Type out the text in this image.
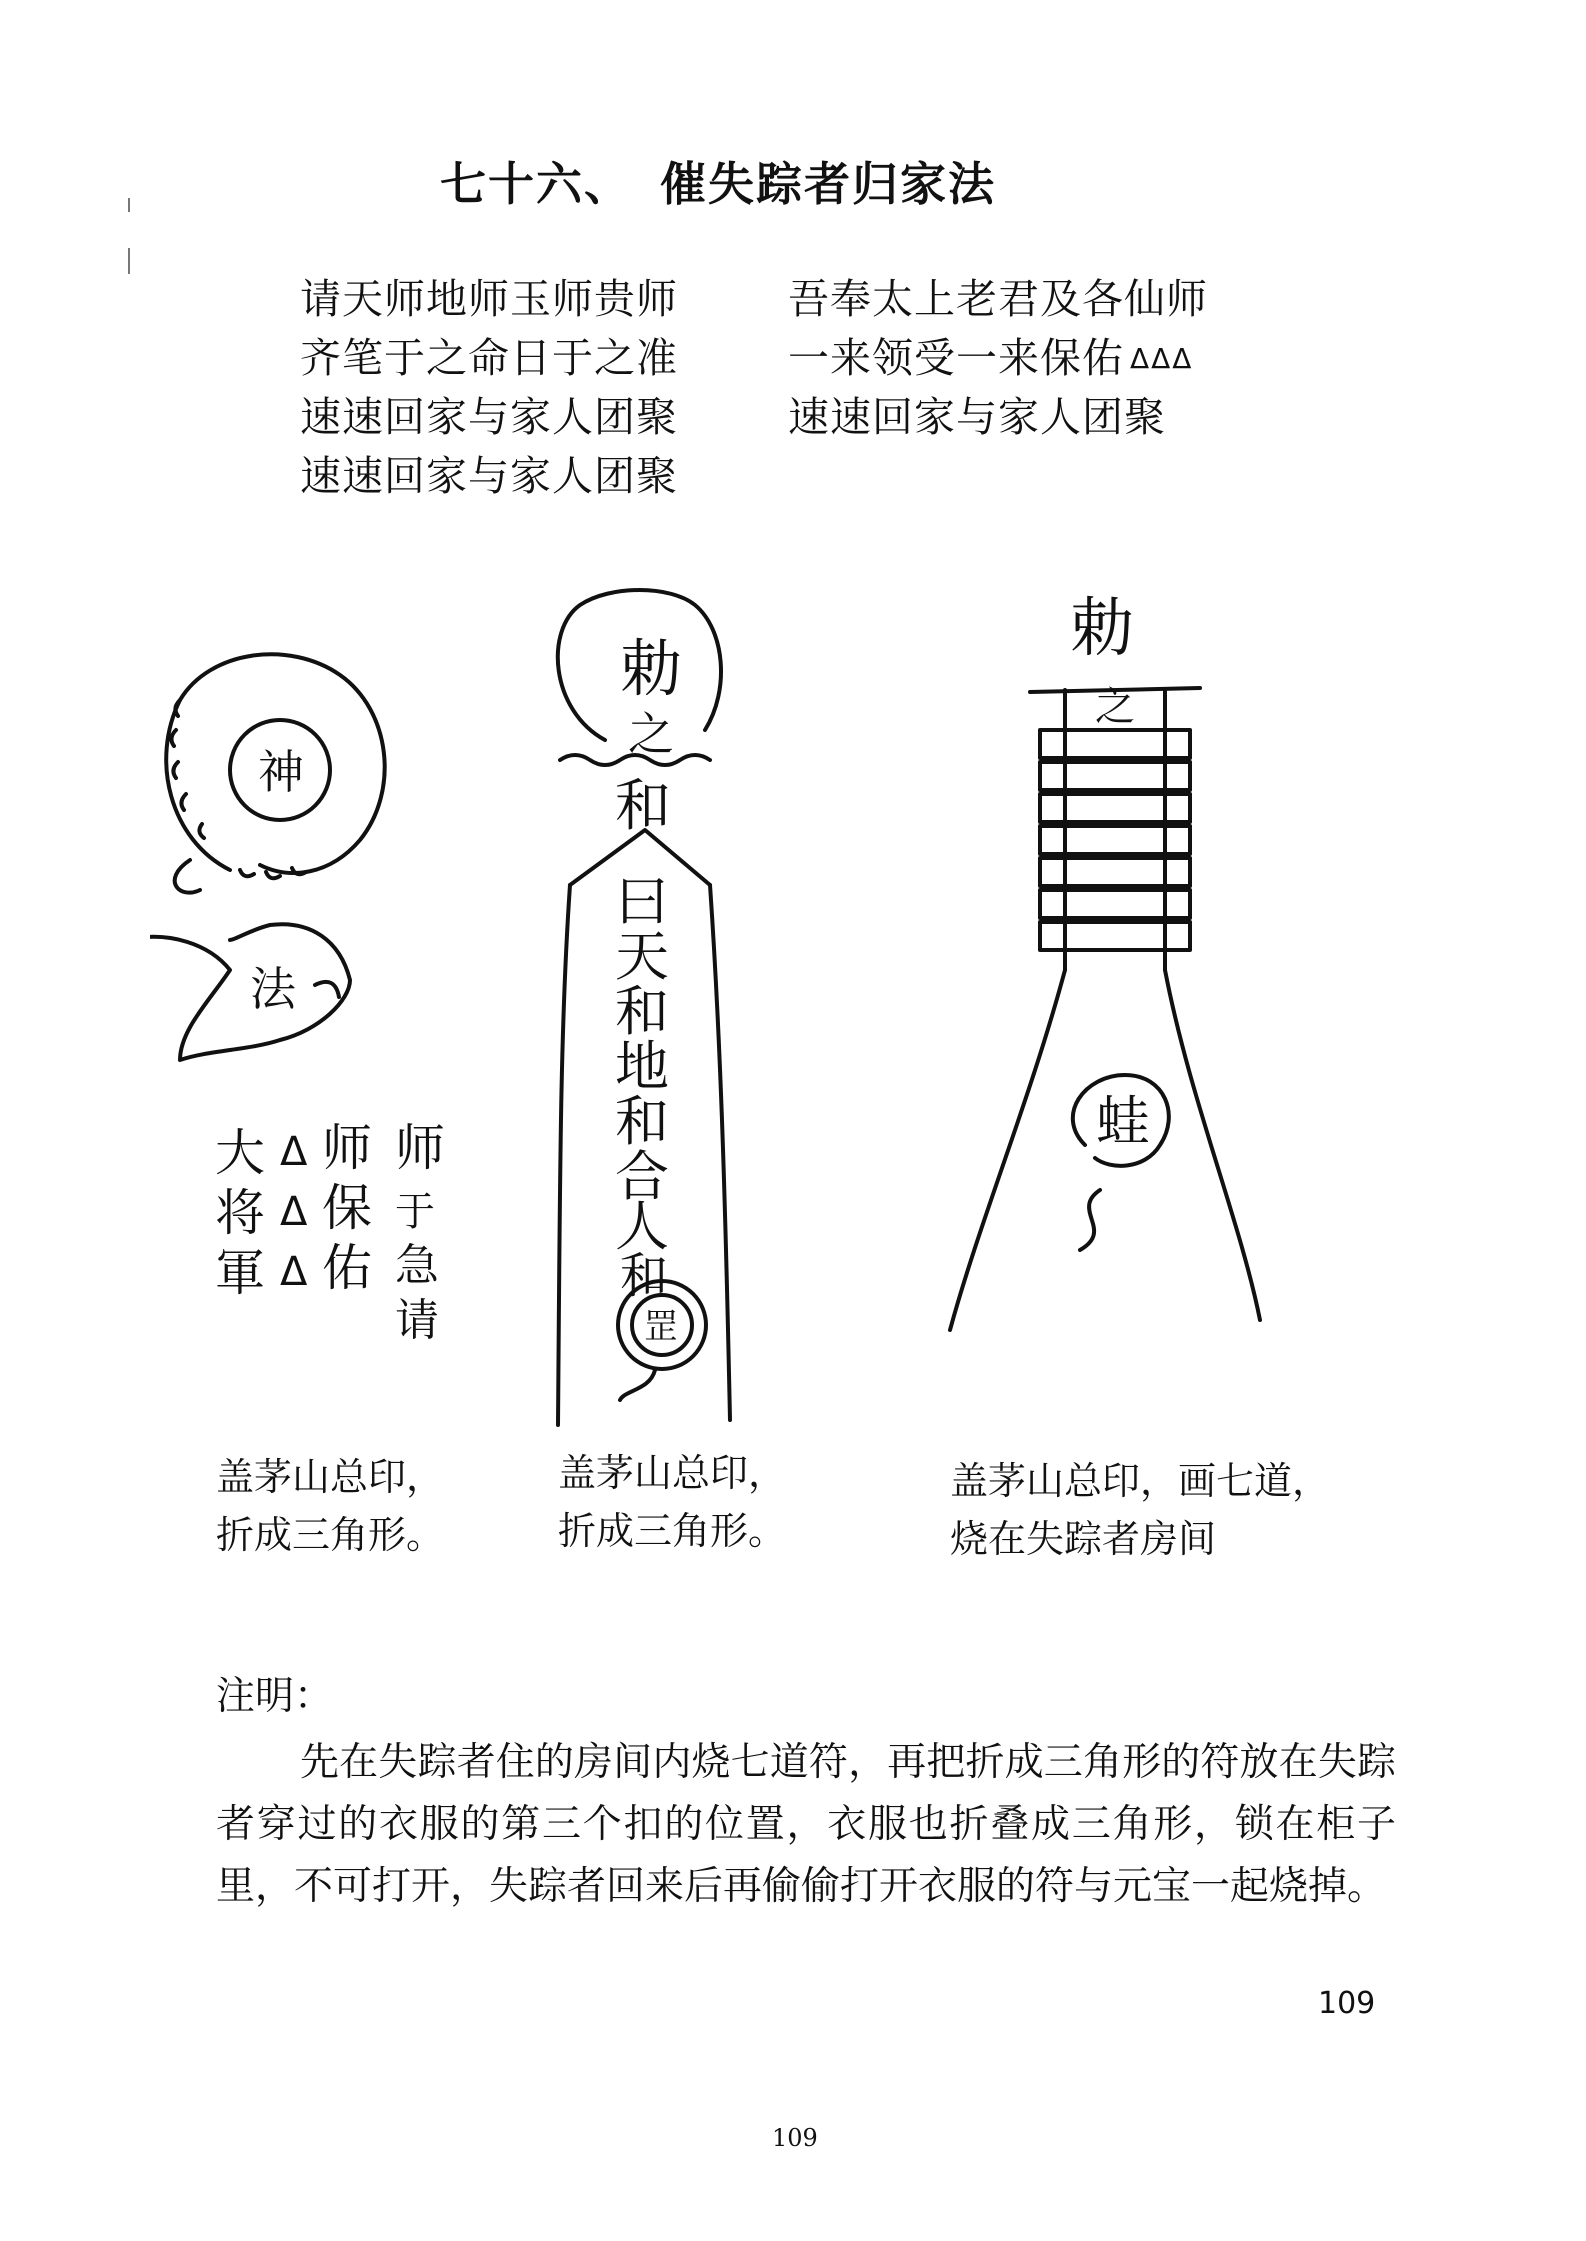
七十六、 催失踪者归家法
请天师地师玉师贵师
齐笔于之命日于之准
速速回家与家人团聚
速速回家与家人团聚
吾奉太上老君及各仙师
一来领受一来保佑 ΔΔΔ
速速回家与家人团聚
神
法
大
将
軍
Δ
Δ
Δ
师
保
佑
师
于
急
请
勅
之
和
曰
天
和
地
和
合
人
和
罡
勅
之
蛙
盖茅山总印，
折成三角形。
盖茅山总印，
折成三角形。
盖茅山总印，画七道，
烧在失踪者房间
注明：
先在失踪者住的房间内烧七道符，再把折成三角形的符放在失踪者穿过的衣服的第三个扣的位置，衣服也折叠成三角形，锁在柜子里，不可打开，失踪者回来后再偷偷打开衣服的符与元宝一起烧掉。
109
109
